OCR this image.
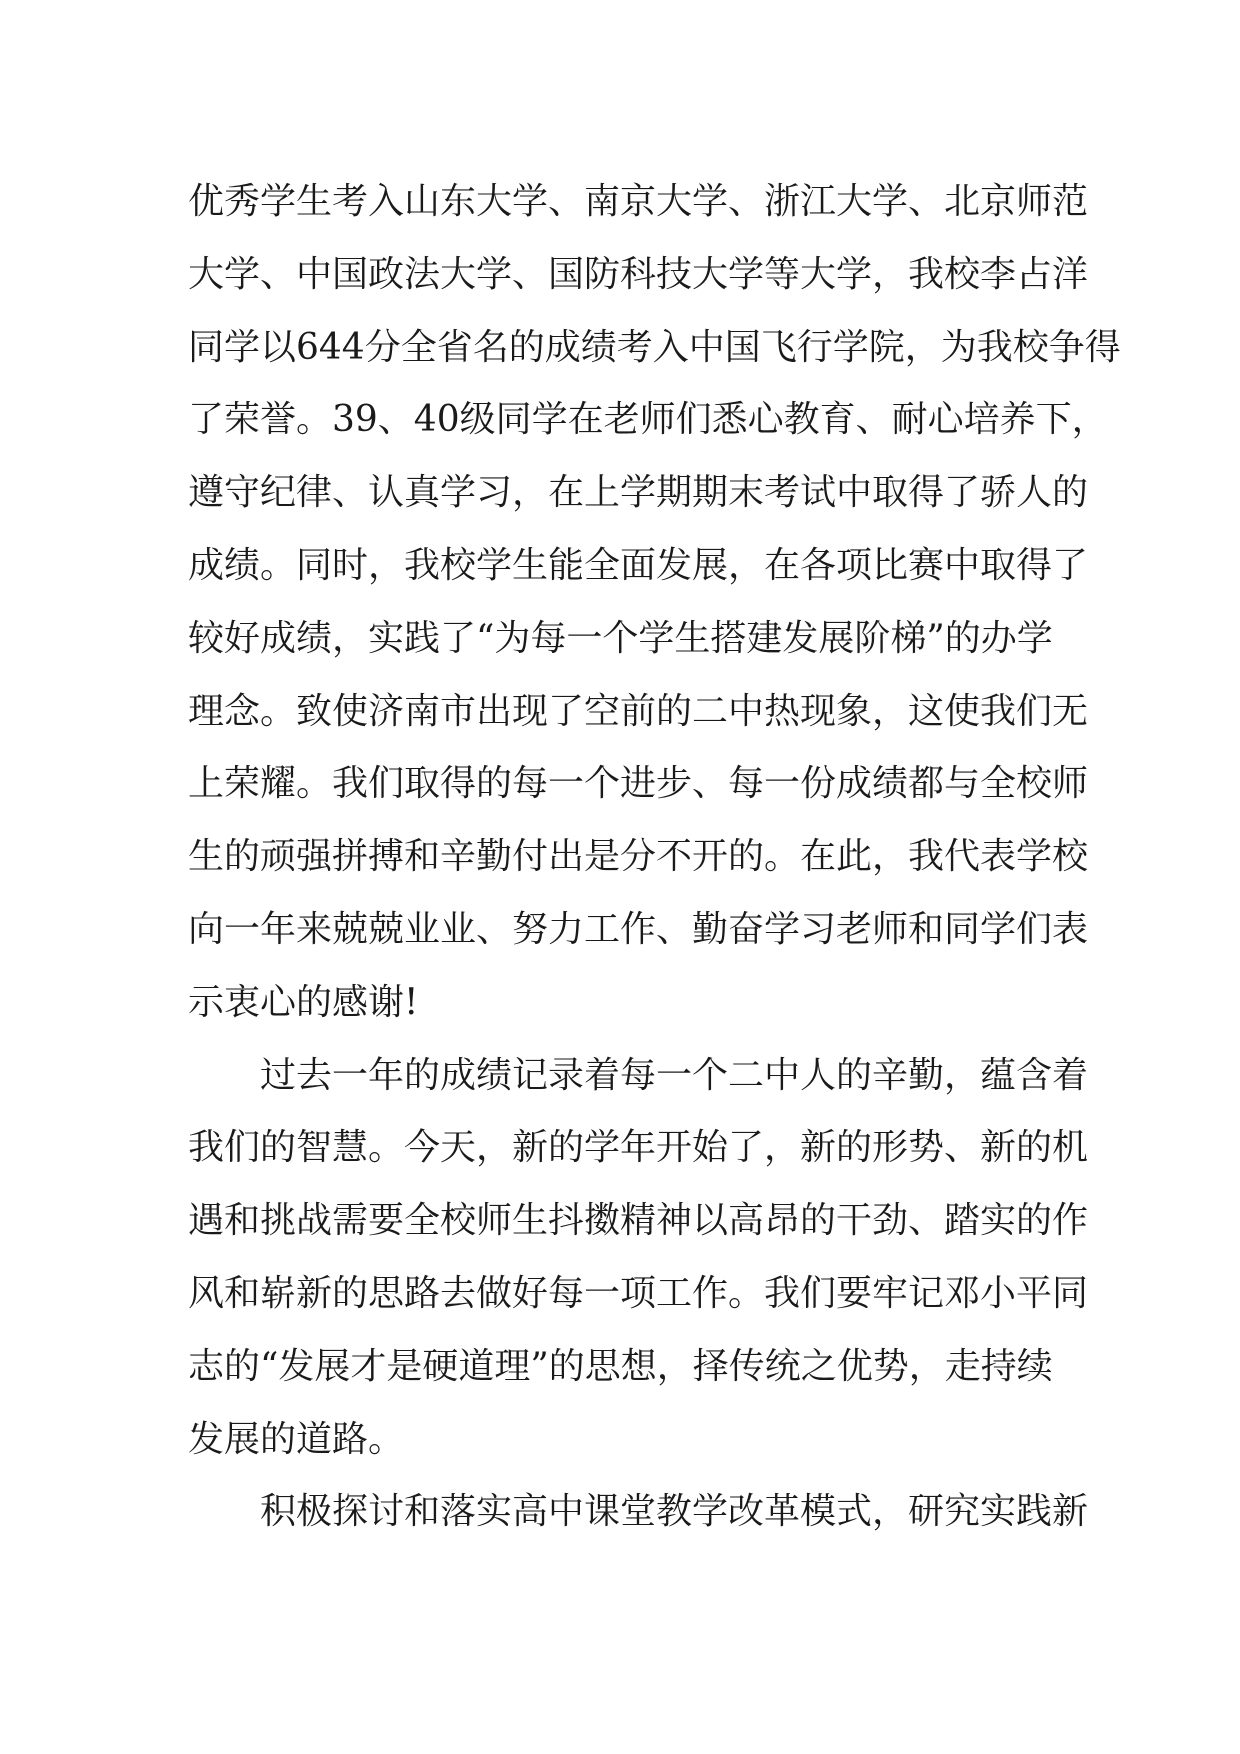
优秀学生考入山东大学、南京大学、浙江大学、北京师范
大学、中国政法大学、国防科技大学等大学，我校李占洋
同学以644分全省名的成绩考入中国飞行学院，为我校争得
了荣誉。39、40级同学在老师们悉心教育、耐心培养下，
遵守纪律、认真学习，在上学期期末考试中取得了骄人的
成绩。同时，我校学生能全面发展，在各项比赛中取得了
较好成绩，实践了“为每一个学生搭建发展阶梯”的办学
理念。致使济南市出现了空前的二中热现象，这使我们无
上荣耀。我们取得的每一个进步、每一份成绩都与全校师
生的顽强拼搏和辛勤付出是分不开的。在此，我代表学校
向一年来兢兢业业、努力工作、勤奋学习老师和同学们表
示衷心的感谢!
过去一年的成绩记录着每一个二中人的辛勤，蕴含着
我们的智慧。今天，新的学年开始了，新的形势、新的机
遇和挑战需要全校师生抖擞精神以高昂的干劲、踏实的作
风和崭新的思路去做好每一项工作。我们要牢记邓小平同
志的“发展才是硬道理”的思想，择传统之优势，走持续
发展的道路。
积极探讨和落实高中课堂教学改革模式，研究实践新
